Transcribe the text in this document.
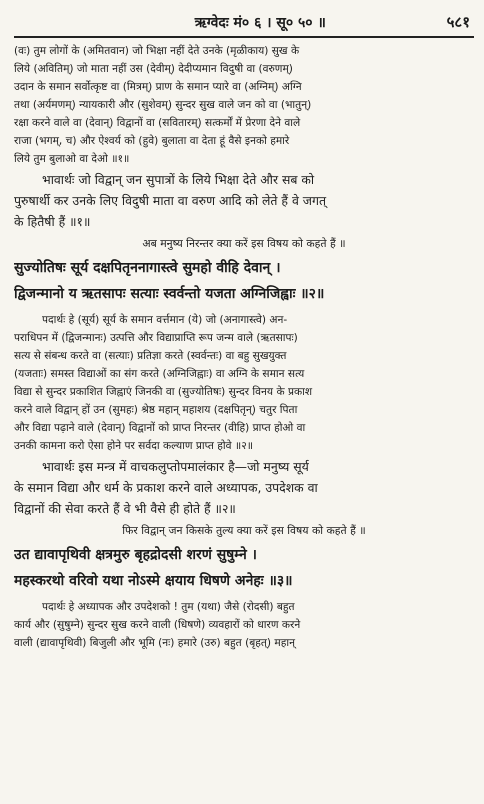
ऋग्वेदः मं० ६ । सू० ५० ॥	५८१

(वः) तुम लोगों के (अमितवान) जो भिक्षा नहीं देते उनके (मृळीकाय) सुख के

लिये (अवितिम्) जो माता नहीं उस (देवीम्) देदीप्यमान विदुषी वा (वरुणम्)

उदान के समान सर्वोत्कृष्ट वा (मित्रम्) प्राण के समान प्यारे वा (अग्निम्) अग्नि

तथा (अर्यमणम्) न्यायकारी और (सुशेवम्) सुन्दर सुख वाले जन को वा (भातुन्)

रक्षा करने वाले वा (देवान्) विद्वानों वा (सवितारम्) सत्कर्मों में प्रेरणा देने वाले

राजा (भगम्, च) और ऐश्वर्य को (हुवे) बुलाता वा देता हूं वैसे इनको हमारे

लिये तुम बुलाओ वा देओ ॥१॥

भावार्थः जो विद्वान् जन सुपात्रों के लिये भिक्षा देते और सब को

पुरुषार्थी कर उनके लिए विदुषी माता वा वरुण आदि को लेते हैं वे जगत्

के हितैषी हैं ॥१॥

अब मनुष्य निरन्तर क्या करें इस विषय को कहते हैं ॥

सुज्योतिषः सूर्य दक्षपितृननागास्त्वे सुमहो वीहि देवान् ।

द्विजन्मानो य ऋतसापः सत्याः स्वर्वन्तो यजता अग्निजिह्वाः ॥२॥

पदार्थः हे (सूर्य) सूर्य के समान वर्त्तमान (ये) जो (अनागास्त्वे) अन-

पराधिपन में (द्विजन्मानः) उत्पत्ति और विद्याप्राप्ति रूप जन्म वाले (ऋतसापः)

सत्य से संबन्ध करते वा (सत्याः) प्रतिज्ञा करते (स्वर्वन्तः) वा बहु सुखयुक्त

(यजताः) समस्त विद्याओं का संग करते (अग्निजिह्वाः) वा अग्नि के समान सत्य

विद्या से सुन्दर प्रकाशित जिह्वाएं जिनकी वा (सुज्योतिषः) सुन्दर विनय के प्रकाश

करने वाले विद्वान् हों उन (सुमहः) श्रेष्ठ महान् महाशय (दक्षपितृन्) चतुर पिता

और विद्या पढ़ाने वाले (देवान्) विद्वानों को प्राप्त निरन्तर (वीहि) प्राप्त होओ वा

उनकी कामना करो ऐसा होने पर सर्वदा कल्याण प्राप्त होवे ॥२॥

भावार्थः इस मन्त्र में वाचकलुप्तोपमालंकार है—जो मनुष्य सूर्य

के समान विद्या और धर्म के प्रकाश करने वाले अध्यापक, उपदेशक वा

विद्वानों की सेवा करते हैं वे भी वैसे ही होते हैं ॥२॥

फिर विद्वान् जन किसके तुल्य क्या करें इस विषय को कहते हैं ॥

उत द्यावापृथिवी क्षत्रमुरु बृहद्रोदसी शरणं सुषुम्ने ।

महस्करथो वरिवो यथा नोऽस्मे क्षयाय धिषणे अनेहः ॥३॥

पदार्थः हे अध्यापक और उपदेशको ! तुम (यथा) जैसे (रोदसी) बहुत

कार्य और (सुषुम्ने) सुन्दर सुख करने वाली (धिषणे) व्यवहारों को धारण करने

वाली (द्यावापृथिवी) बिजुली और भूमि (नः) हमारे (उरु) बहुत (बृहत्) महान्
